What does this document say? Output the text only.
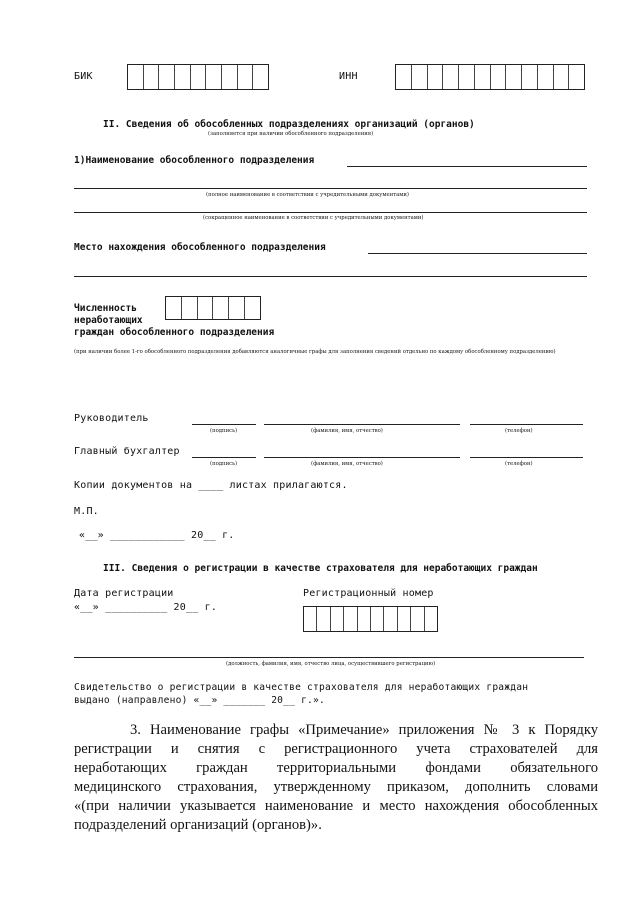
БИК	ИНН
II. Сведения об обособленных подразделениях организаций (органов)
(заполняется при наличии обособленного подразделения)
1)Наименование обособленного подразделения
(полное наименование в соответствии с учредительными документами)
(сокращенное наименование в соответствии с учредительными документами)
Место нахождения обособленного подразделения
Численность
неработающих
граждан обособленного подразделения
(при наличии более 1-го обособленного подразделения добавляются аналогичные графы для заполнения сведений отдельно по каждому обособленному подразделению)
Руководитель
(подпись)	(фамилия, имя, отчество)	(телефон)
Главный бухгалтер
(подпись)	(фамилия, имя, отчество)	(телефон)
Копии документов на ____ листах прилагаются.
М.П.
«__» ____________ 20__ г.
III. Сведения о регистрации в качестве страхователя для неработающих граждан
Дата регистрации
«__» __________ 20__ г.
Регистрационный номер
(должность, фамилия, имя, отчество лица, осуществившего регистрацию)
Свидетельство о регистрации в качестве страхователя для неработающих граждан
выдано (направлено) «__» _______ 20__ г.».
3. Наименование графы «Примечание» приложения № 3 к Порядку
регистрации и снятия с регистрационного учета страхователей для
неработающих граждан территориальными фондами обязательного
медицинского страхования, утвержденному приказом, дополнить словами
«(при наличии указывается наименование и место нахождения обособленных
подразделений организаций (органов)».
